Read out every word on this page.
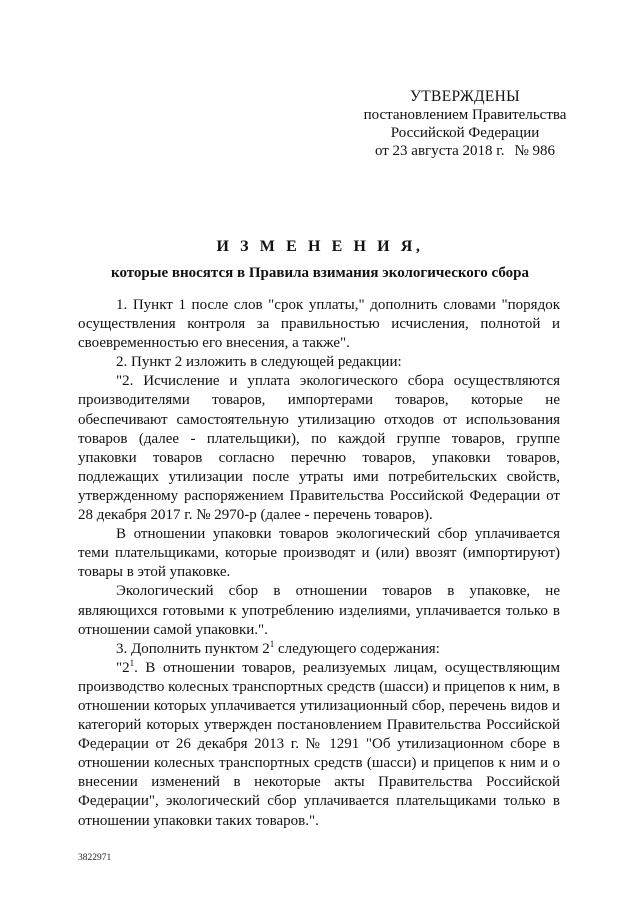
УТВЕРЖДЕНЫ
постановлением Правительства
Российской Федерации
от 23 августа 2018 г. № 986
И З М Е Н Е Н И Я,
которые вносятся в Правила взимания экологического сбора

1. Пункт 1 после слов "срок уплаты," дополнить словами "порядок осуществления контроля за правильностью исчисления, полнотой и своевременностью его внесения, а также".

2. Пункт 2 изложить в следующей редакции:

"2. Исчисление и уплата экологического сбора осуществляются производителями товаров, импортерами товаров, которые не обеспечивают самостоятельную утилизацию отходов от использования товаров (далее - плательщики), по каждой группе товаров, группе упаковки товаров согласно перечню товаров, упаковки товаров, подлежащих утилизации после утраты ими потребительских свойств, утвержденному распоряжением Правительства Российской Федерации от 28 декабря 2017 г. № 2970-р (далее - перечень товаров).

В отношении упаковки товаров экологический сбор уплачивается теми плательщиками, которые производят и (или) ввозят (импортируют) товары в этой упаковке.

Экологический сбор в отношении товаров в упаковке, не являющихся готовыми к употреблению изделиями, уплачивается только в отношении самой упаковки.".

3. Дополнить пунктом $2^1$ следующего содержания:

"$2^1$. В отношении товаров, реализуемых лицам, осуществляющим производство колесных транспортных средств (шасси) и прицепов к ним, в отношении которых уплачивается утилизационный сбор, перечень видов и категорий которых утвержден постановлением Правительства Российской Федерации от 26 декабря 2013 г. № 1291 "Об утилизационном сборе в отношении колесных транспортных средств (шасси) и прицепов к ним и о внесении изменений в некоторые акты Правительства Российской Федерации", экологический сбор уплачивается плательщиками только в отношении упаковки таких товаров.".

3822971
